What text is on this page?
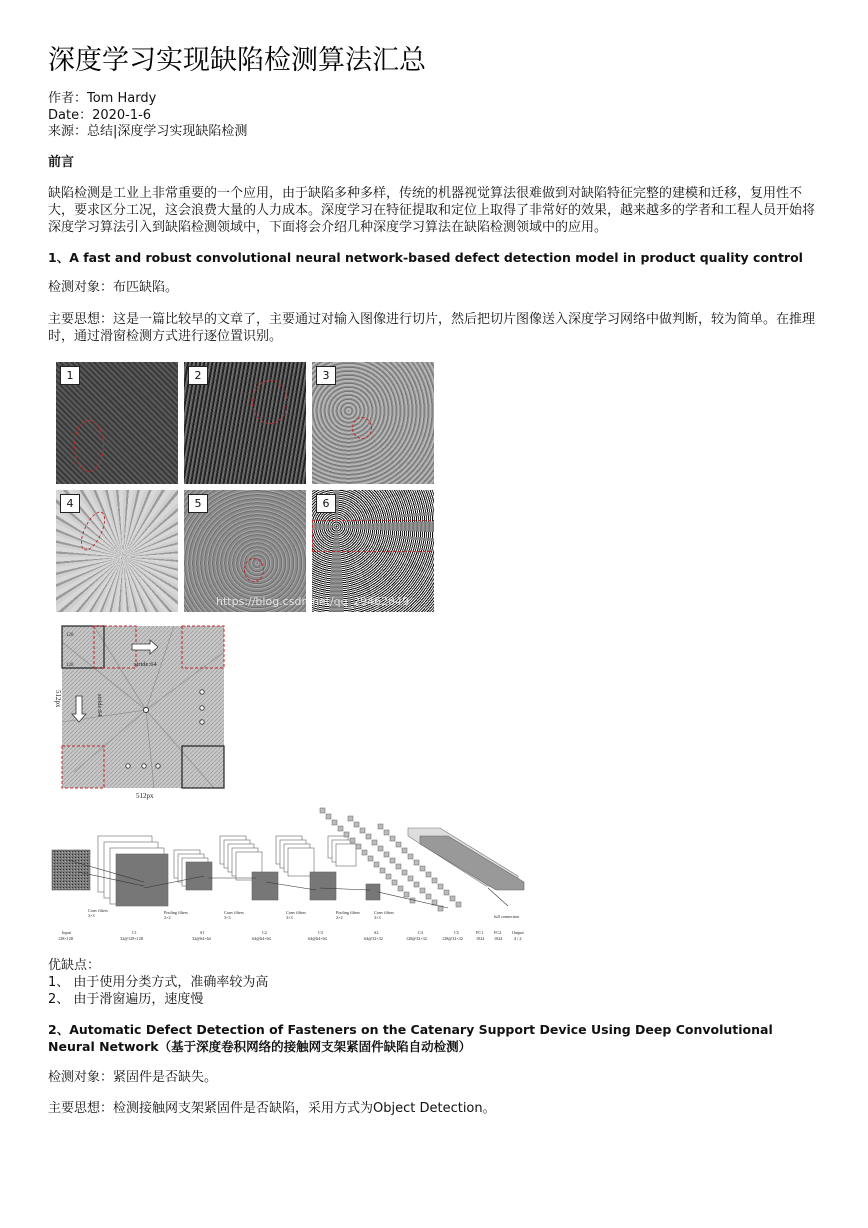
深度学习实现缺陷检测算法汇总
作者：Tom Hardy
Date：2020-1-6
来源：总结|深度学习实现缺陷检测

前言

缺陷检测是工业上非常重要的一个应用，由于缺陷多种多样，传统的机器视觉算法很难做到对缺陷特征完整的建模和迁移，复用性不大，要求区分工况，这会浪费大量的人力成本。深度学习在特征提取和定位上取得了非常好的效果，越来越多的学者和工程人员开始将深度学习算法引入到缺陷检测领域中，下面将会介绍几种深度学习算法在缺陷检测领域中的应用。

1、A fast and robust convolutional neural network-based defect detection model in product quality control

检测对象：布匹缺陷。

主要思想：这是一篇比较早的文章了，主要通过对输入图像进行切片，然后把切片图像送入深度学习网络中做判断，较为简单。在推理时，通过滑窗检测方式进行逐位置识别。

1	2	3
4	5	6
https://blog.csdn.net/qq_29462849
stride:64
stride:64
128
128
512px
512px
Conv filters 3×3
Pooling filters 2×2
Conv filters 3×3
Conv filters 3×3
Pooling filters 2×2
Conv filters 3×3	full connection
Input
128×128
C1
32@128×128
S1
32@64×64
C2
64@64×64
C3
64@64×64
S2
64@32×32
C4
128@32×32
C5
128@32×32
FC1
1024
FC2
1024
Output
4 / 2
优缺点：
1、 由于使用分类方式，准确率较为高
2、 由于滑窗遍历，速度慢

2、Automatic Defect Detection of Fasteners on the Catenary Support Device Using Deep Convolutional Neural Network（基于深度卷积网络的接触网支架紧固件缺陷自动检测）

检测对象：紧固件是否缺失。

主要思想：检测接触网支架紧固件是否缺陷，采用方式为Object Detection。
